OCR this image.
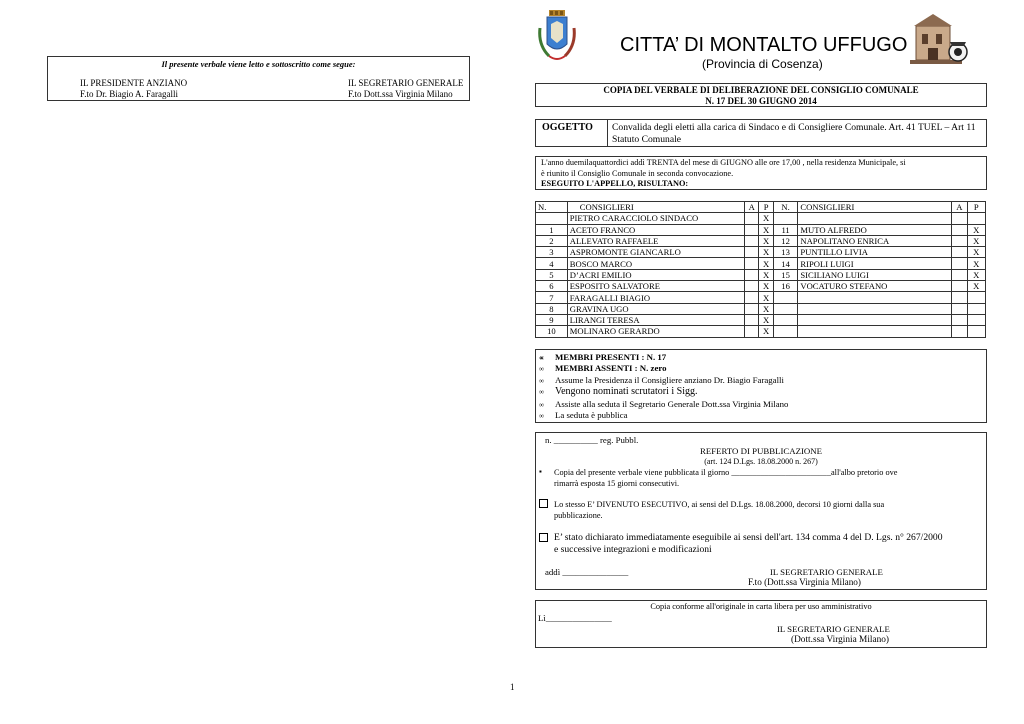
Il presente verbale viene letto e sottoscritto come segue:
IL PRESIDENTE ANZIANO
F.to Dr. Biagio A. Faragalli
IL SEGRETARIO GENERALE
F.to Dott.ssa Virginia Milano
CITTA’ DI MONTALTO UFFUGO
(Provincia di Cosenza)
COPIA DEL VERBALE DI DELIBERAZIONE DEL CONSIGLIO COMUNALE
N. 17 DEL 30 GIUGNO 2014
OGGETTO	Convalida degli eletti alla carica di Sindaco e di Consigliere Comunale. Art. 41 TUEL – Art 11 Statuto Comunale
L'anno duemilaquattordici addì TRENTA del mese di GIUGNO alle ore 17,00 , nella residenza Municipale, si
è riunito il Consiglio Comunale in seconda convocazione.
ESEGUITO L'APPELLO, RISULTANO:
N.	CONSIGLIERI	A	P	N.	CONSIGLIERI	A	P
	PIETRO CARACCIOLO SINDACO		X				
1	ACETO FRANCO		X	11	MUTO ALFREDO		X
2	ALLEVATO RAFFAELE		X	12	NAPOLITANO ENRICA		X
3	ASPROMONTE GIANCARLO		X	13	PUNTILLO LIVIA		X
4	BOSCO MARCO		X	14	RIPOLI LUIGI		X
5	D’ACRI EMILIO		X	15	SICILIANO LUIGI		X
6	ESPOSITO SALVATORE		X	16	VOCATURO STEFANO		X
7	FARAGALLI BIAGIO		X				
8	GRAVINA UGO		X				
9	LIRANGI TERESA		X				
10	MOLINARO GERARDO		X				
∝ MEMBRI PRESENTI : N. 17
∞ MEMBRI ASSENTI : N. zero
∞ Assume la Presidenza il Consigliere anziano Dr. Biagio Faragalli
∞ Vengono nominati scrutatori i Sigg.
∞ Assiste alla seduta il Segretario Generale Dott.ssa Virginia Milano
∞ La seduta è pubblica
n. __________ reg. Pubbl.
REFERTO DI PUBBLICAZIONE
(art. 124 D.Lgs. 18.08.2000 n. 267)
▪ Copia del presente verbale viene pubblicata il giorno ________________________all'albo pretorio ove
rimarrà esposta 15 giorni consecutivi.
Lo stesso E’ DIVENUTO ESECUTIVO, ai sensi del D.Lgs. 18.08.2000, decorsi 10 giorni dalla sua
pubblicazione.
E’ stato dichiarato immediatamente eseguibile ai sensi dell'art. 134 comma 4 del D. Lgs. n° 267/2000
e successive integrazioni e modificazioni
addì _______________	IL SEGRETARIO GENERALE
F.to (Dott.ssa Virginia Milano)
Copia conforme all'originale in carta libera per uso amministrativo
Lì_______________
IL SEGRETARIO GENERALE
(Dott.ssa Virginia Milano)
1
